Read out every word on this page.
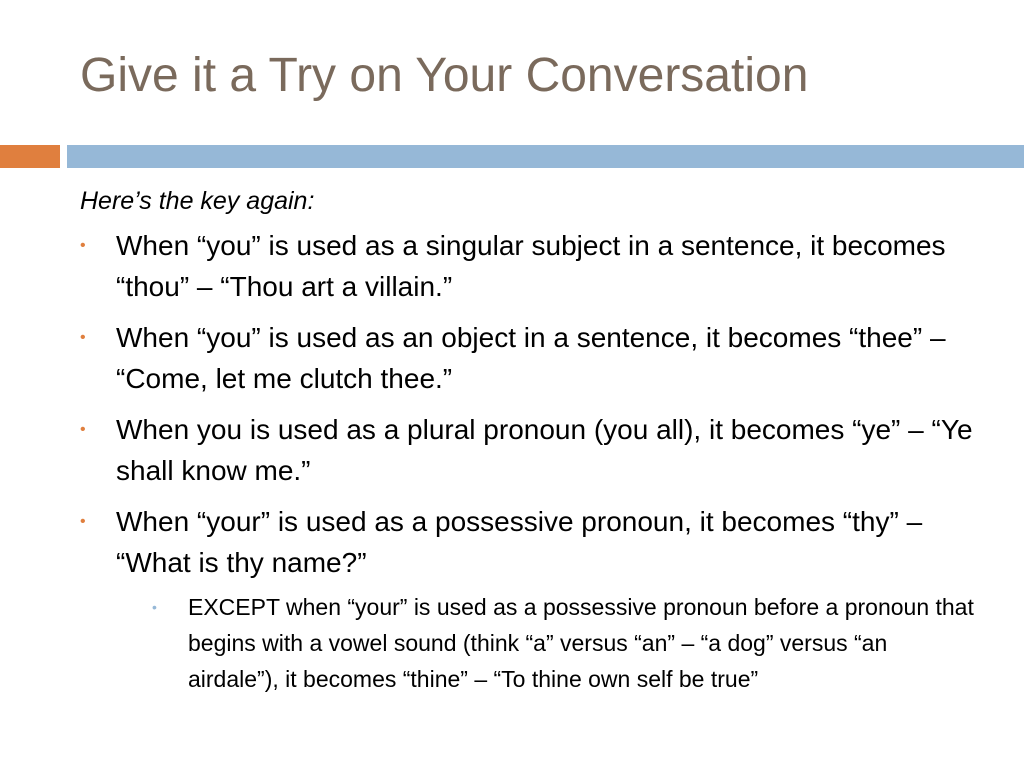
Give it a Try on Your Conversation
Here’s the key again:
• When “you” is used as a singular subject in a sentence, it becomes “thou” – “Thou art a villain.”
• When “you” is used as an object in a sentence, it becomes “thee” – “Come, let me clutch thee.”
• When you is used as a plural pronoun (you all), it becomes “ye” – “Ye shall know me.”
• When “your” is used as a possessive pronoun, it becomes “thy” – “What is thy name?”
• EXCEPT when “your” is used as a possessive pronoun before a pronoun that begins with a vowel sound (think “a” versus “an” – “a dog” versus “an airdale”), it becomes “thine” – “To thine own self be true”
